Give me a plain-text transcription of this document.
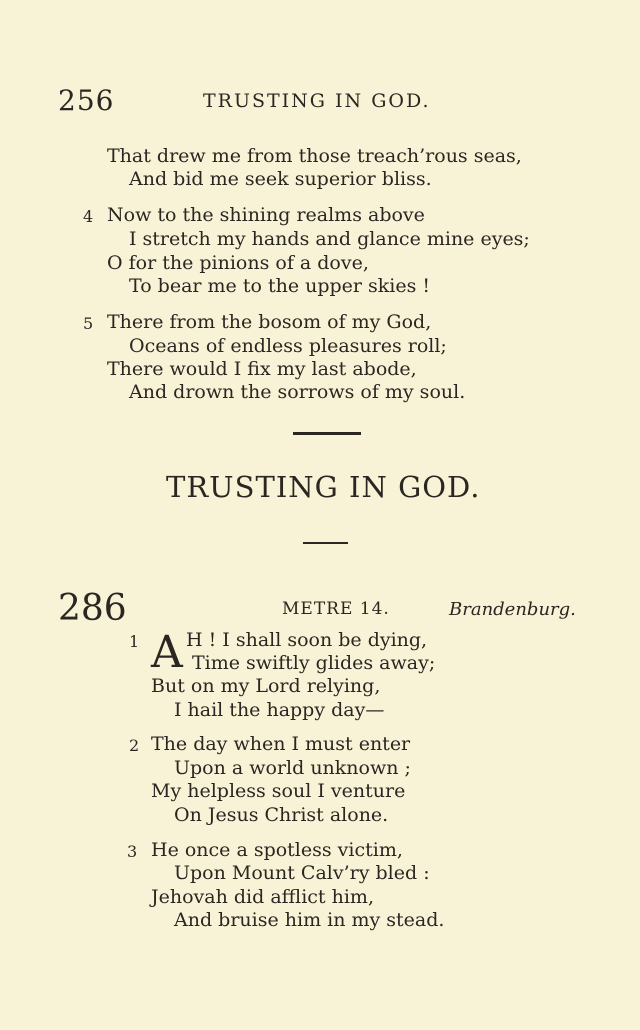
256	TRUSTING IN GOD.
That drew me from those treach’rous seas,
And bid me seek superior bliss.
4 Now to the shining realms above
I stretch my hands and glance mine eyes;
O for the pinions of a dove,
To bear me to the upper skies !
5 There from the bosom of my God,
Oceans of endless pleasures roll;
There would I fix my last abode,
And drown the sorrows of my soul.
TRUSTING IN GOD.
286	METRE 14.	Brandenburg.
1 A H ! I shall soon be dying,
Time swiftly glides away;
But on my Lord relying,
I hail the happy day—
2 The day when I must enter
Upon a world unknown ;
My helpless soul I venture
On Jesus Christ alone.
3 He once a spotless victim,
Upon Mount Calv’ry bled :
Jehovah did afflict him,
And bruise him in my stead.
